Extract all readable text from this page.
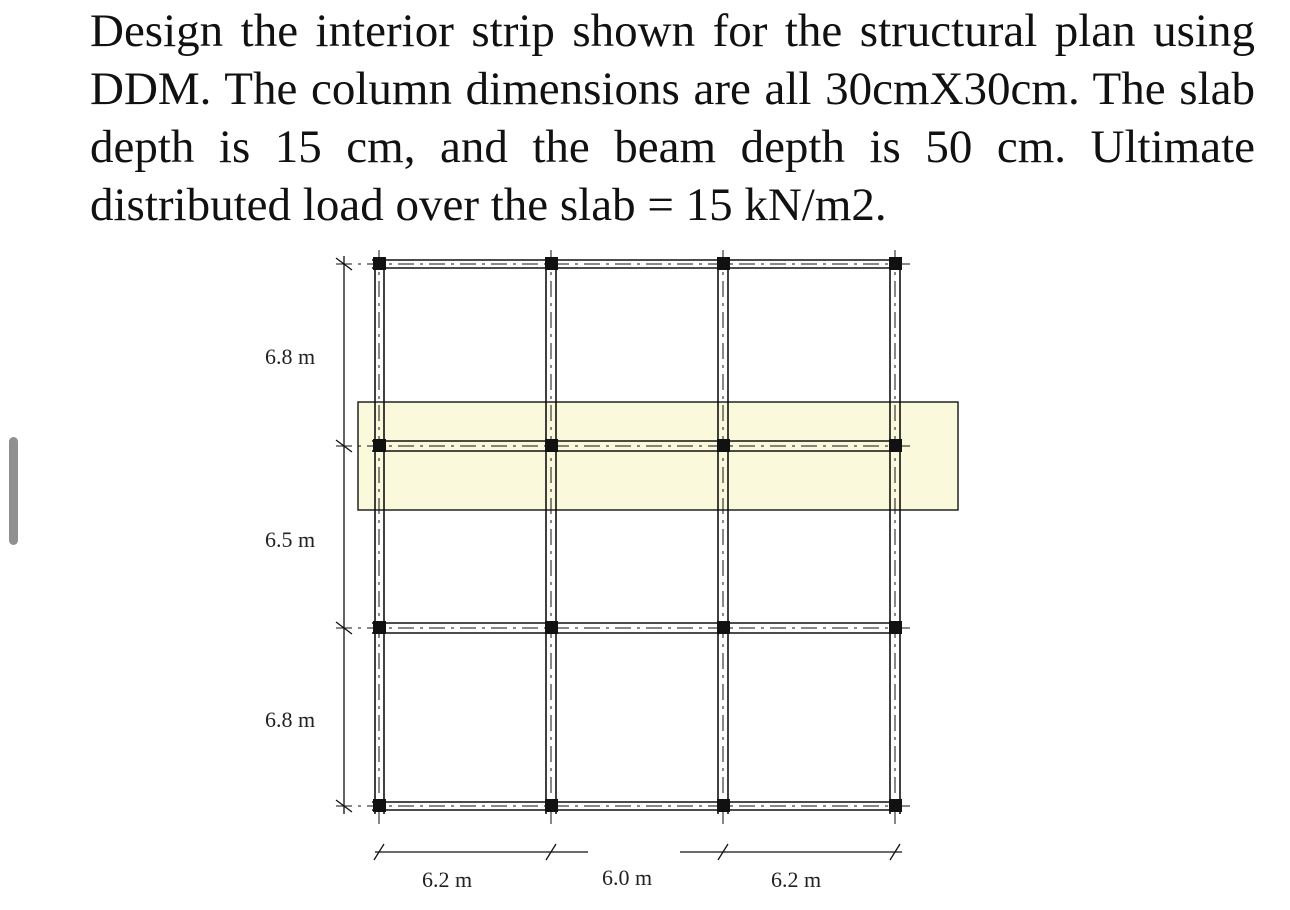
Design the interior strip shown for the structural plan using DDM. The column dimensions are all 30cmX30cm. The slab depth is 15 cm, and the beam depth is 50 cm. Ultimate distributed load over the slab = 15 kN/m2.

6.8 m
6.5 m
6.8 m
6.2 m	6.0 m	6.2 m
